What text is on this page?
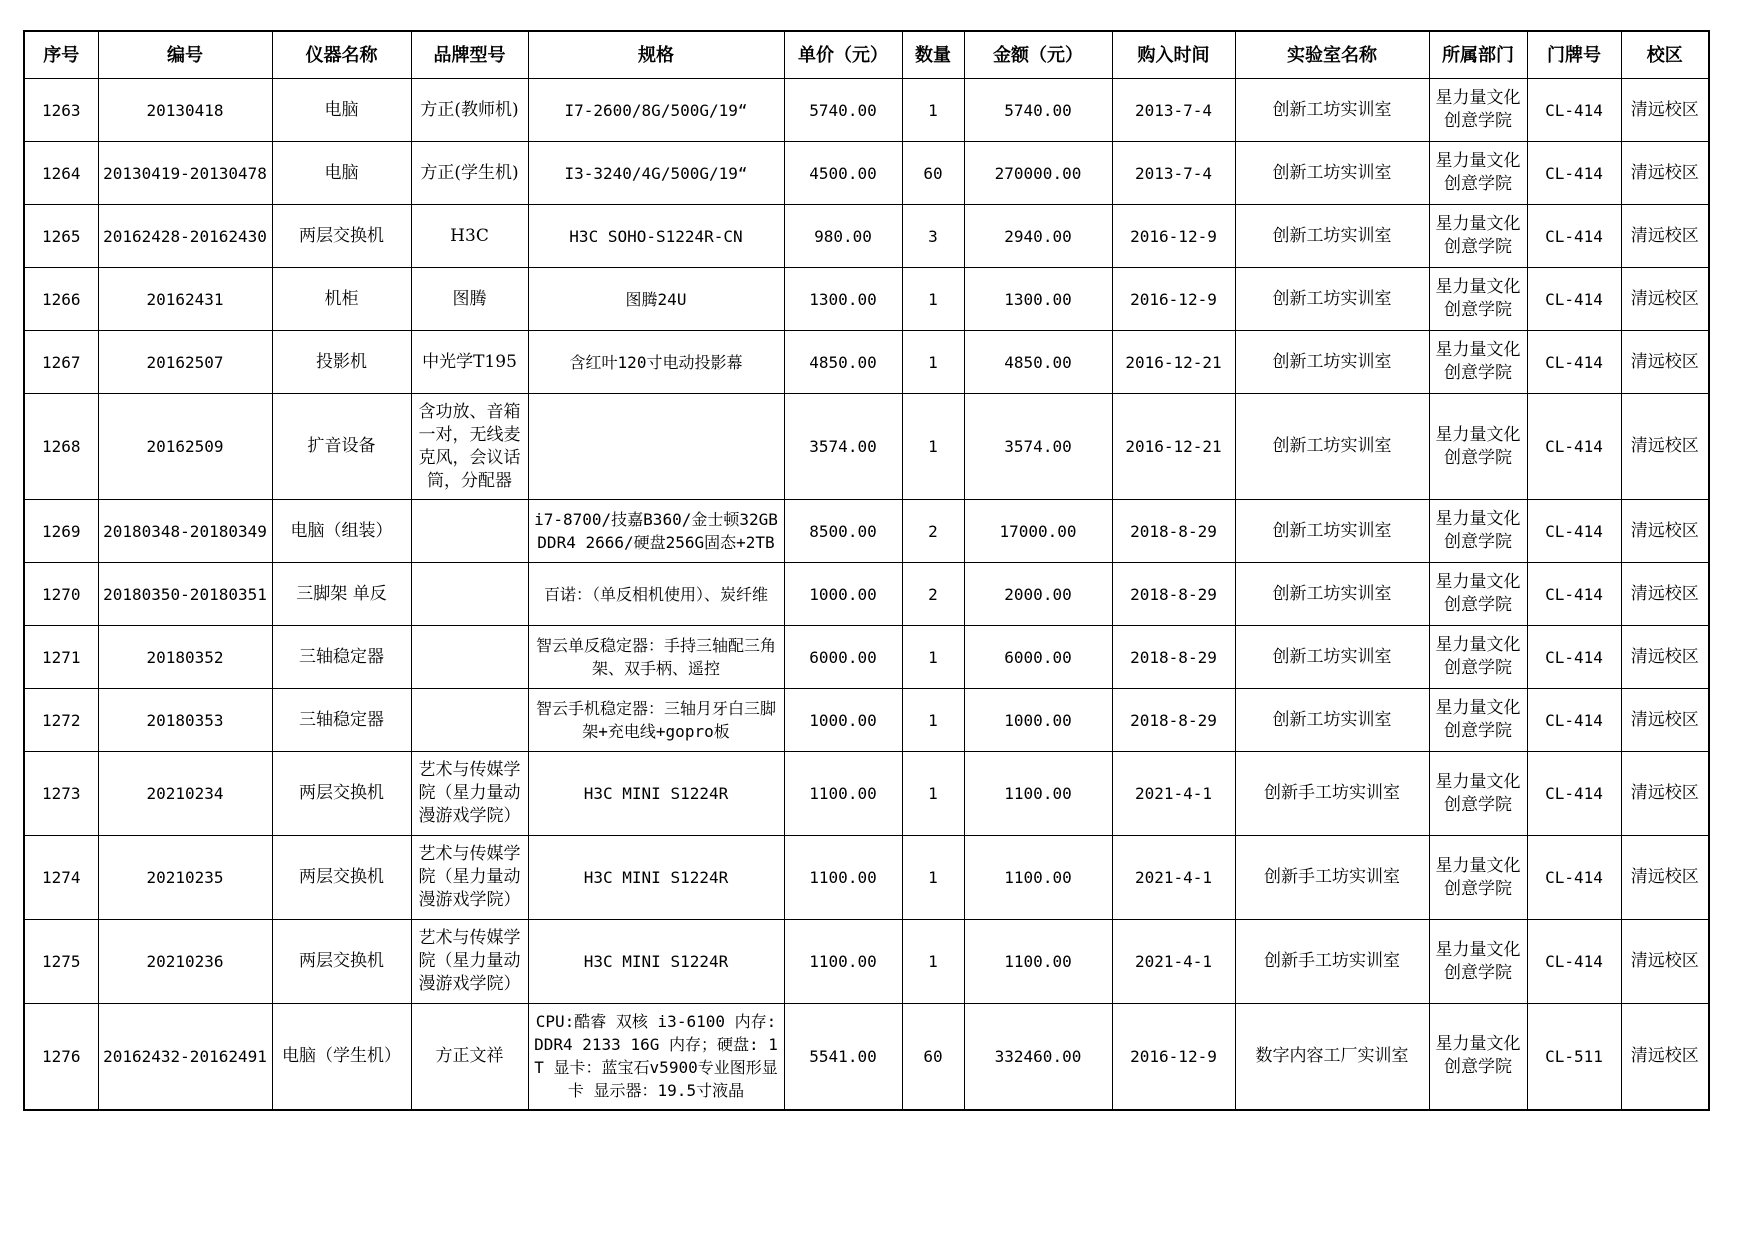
序号	编号	仪器名称	品牌型号	规格	单价（元）	数量	金额（元）	购入时间	实验室名称	所属部门	门牌号	校区

1263	20130418	电脑	方正(教师机)	I7-2600/8G/500G/19“	5740.00	1	5740.00	2013-7-4	创新工坊实训室	星力量文化创意学院	CL-414	清远校区

1264	20130419-20130478	电脑	方正(学生机)	I3-3240/4G/500G/19“	4500.00	60	270000.00	2013-7-4	创新工坊实训室	星力量文化创意学院	CL-414	清远校区

1265	20162428-20162430	两层交换机	H3C	H3C SOHO-S1224R-CN	980.00	3	2940.00	2016-12-9	创新工坊实训室	星力量文化创意学院	CL-414	清远校区

1266	20162431	机柜	图腾	图腾24U	1300.00	1	1300.00	2016-12-9	创新工坊实训室	星力量文化创意学院	CL-414	清远校区

1267	20162507	投影机	中光学T195	含红叶120寸电动投影幕	4850.00	1	4850.00	2016-12-21	创新工坊实训室	星力量文化创意学院	CL-414	清远校区

1268	20162509	扩音设备	含功放、音箱一对，无线麦克风，会议话筒，分配器		3574.00	1	3574.00	2016-12-21	创新工坊实训室	星力量文化创意学院	CL-414	清远校区

1269	20180348-20180349	电脑（组装）		i7-8700/技嘉B360/金士顿32GB DDR4 2666/硬盘256G固态+2TB	8500.00	2	17000.00	2018-8-29	创新工坊实训室	星力量文化创意学院	CL-414	清远校区

1270	20180350-20180351	三脚架 单反		百诺：（单反相机使用）、炭纤维	1000.00	2	2000.00	2018-8-29	创新工坊实训室	星力量文化创意学院	CL-414	清远校区

1271	20180352	三轴稳定器		智云单反稳定器：手持三轴配三角架、双手柄、遥控	6000.00	1	6000.00	2018-8-29	创新工坊实训室	星力量文化创意学院	CL-414	清远校区

1272	20180353	三轴稳定器		智云手机稳定器：三轴月牙白三脚架+充电线+gopro板	1000.00	1	1000.00	2018-8-29	创新工坊实训室	星力量文化创意学院	CL-414	清远校区

1273	20210234	两层交换机	艺术与传媒学院（星力量动漫游戏学院）	H3C MINI S1224R	1100.00	1	1100.00	2021-4-1	创新手工坊实训室	星力量文化创意学院	CL-414	清远校区

1274	20210235	两层交换机	艺术与传媒学院（星力量动漫游戏学院）	H3C MINI S1224R	1100.00	1	1100.00	2021-4-1	创新手工坊实训室	星力量文化创意学院	CL-414	清远校区

1275	20210236	两层交换机	艺术与传媒学院（星力量动漫游戏学院）	H3C MINI S1224R	1100.00	1	1100.00	2021-4-1	创新手工坊实训室	星力量文化创意学院	CL-414	清远校区

1276	20162432-20162491	电脑（学生机）	方正文祥	CPU:酷睿 双核 i3-6100 内存: DDR4 2133 16G 内存；硬盘: 1T 显卡：蓝宝石v5900专业图形显卡 显示器：19.5寸液晶	5541.00	60	332460.00	2016-12-9	数字内容工厂实训室	星力量文化创意学院	CL-511	清远校区
